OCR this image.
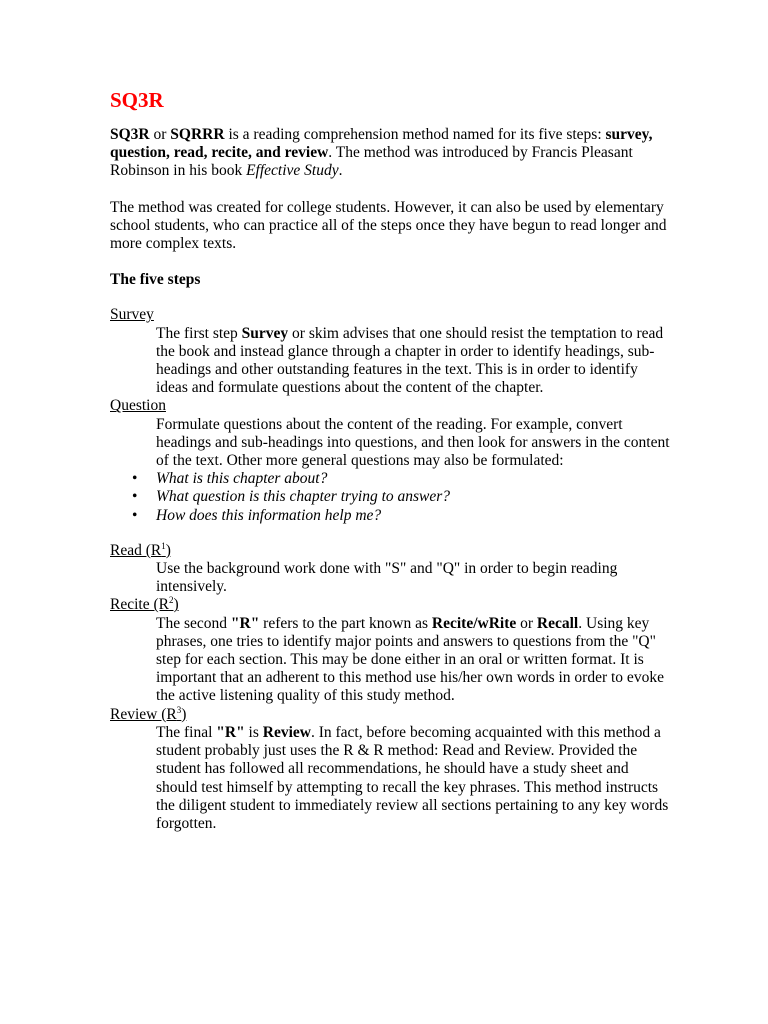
SQ3R

SQ3R or SQRRR is a reading comprehension method named for its five steps: survey, question, read, recite, and review. The method was introduced by Francis Pleasant Robinson in his book Effective Study.

The method was created for college students. However, it can also be used by elementary school students, who can practice all of the steps once they have begun to read longer and more complex texts.

The five steps

Survey
The first step Survey or skim advises that one should resist the temptation to read the book and instead glance through a chapter in order to identify headings, sub-headings and other outstanding features in the text. This is in order to identify ideas and formulate questions about the content of the chapter.
Question
Formulate questions about the content of the reading. For example, convert headings and sub-headings into questions, and then look for answers in the content of the text. Other more general questions may also be formulated:
• What is this chapter about?
• What question is this chapter trying to answer?
• How does this information help me?
Read $(R^1)$
Use the background work done with "S" and "Q" in order to begin reading intensively.
Recite $(R^2)$
The second "R" refers to the part known as Recite/wRite or Recall. Using key phrases, one tries to identify major points and answers to questions from the "Q" step for each section. This may be done either in an oral or written format. It is important that an adherent to this method use his/her own words in order to evoke the active listening quality of this study method.
Review $(R^3)$
The final "R" is Review. In fact, before becoming acquainted with this method a student probably just uses the R & R method: Read and Review. Provided the student has followed all recommendations, he should have a study sheet and should test himself by attempting to recall the key phrases. This method instructs the diligent student to immediately review all sections pertaining to any key words forgotten.
